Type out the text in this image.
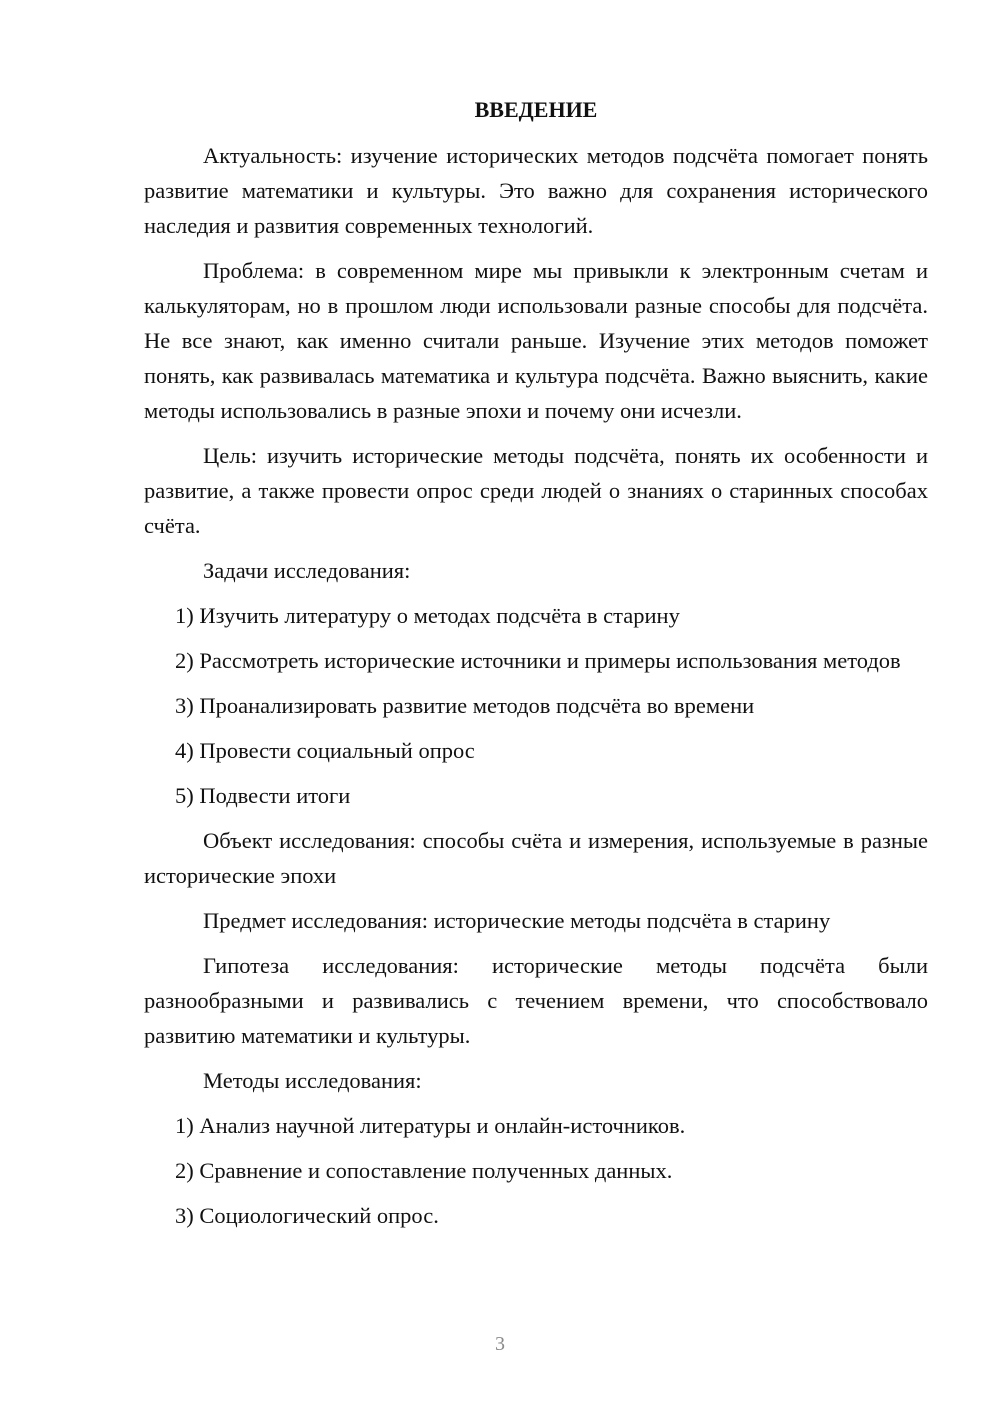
ВВЕДЕНИЕ

Актуальность: изучение исторических методов подсчёта помогает понять развитие математики и культуры. Это важно для сохранения исторического наследия и развития современных технологий.

Проблема: в современном мире мы привыкли к электронным счетам и калькуляторам, но в прошлом люди использовали разные способы для подсчёта. Не все знают, как именно считали раньше. Изучение этих методов поможет понять, как развивалась математика и культура подсчёта. Важно выяснить, какие методы использовались в разные эпохи и почему они исчезли.

Цель: изучить исторические методы подсчёта, понять их особенности и развитие, а также провести опрос среди людей о знаниях о старинных способах счёта.

Задачи исследования:

1) Изучить литературу о методах подсчёта в старину

2) Рассмотреть исторические источники и примеры использования методов

3) Проанализировать развитие методов подсчёта во времени

4) Провести социальный опрос

5) Подвести итоги

Объект исследования: способы счёта и измерения, используемые в разные исторические эпохи

Предмет исследования: исторические методы подсчёта в старину

Гипотеза исследования: исторические методы подсчёта были разнообразными и развивались с течением времени, что способствовало развитию математики и культуры.

Методы исследования:

1) Анализ научной литературы и онлайн-источников.

2) Сравнение и сопоставление полученных данных.

3) Социологический опрос.

3
